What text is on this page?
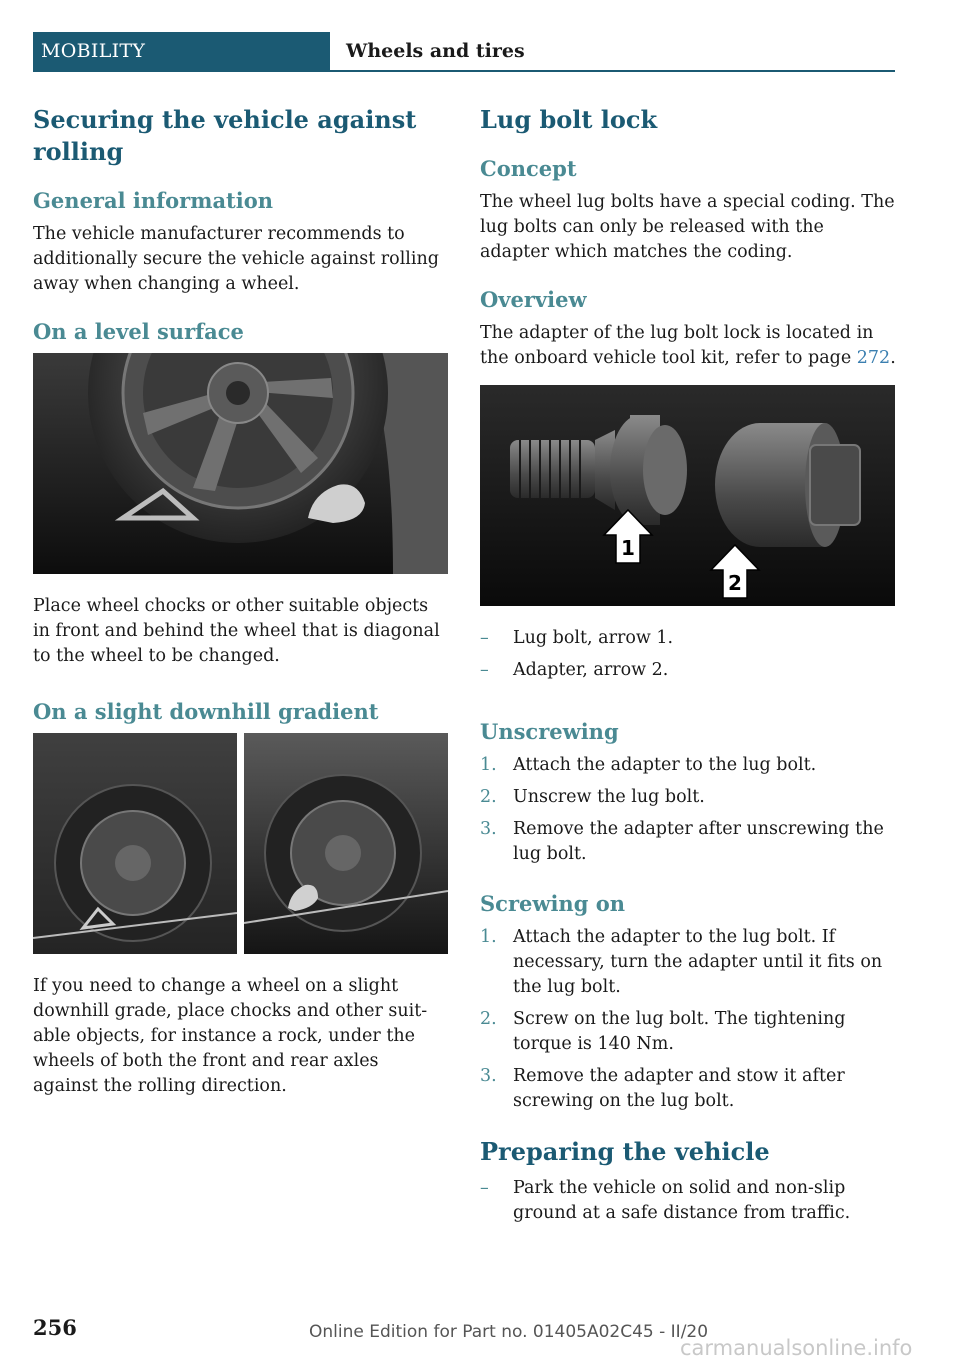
MOBILITY	Wheels and tires
Securing the vehicle against rolling
General information

The vehicle manufacturer recommends to additionally secure the vehicle against rolling away when changing a wheel.

On a level surface

Place wheel chocks or other suitable objects in front and behind the wheel that is diagonal to the wheel to be changed.

On a slight downhill gradient

If you need to change a wheel on a slight downhill grade, place chocks and other suitable objects, for instance a rock, under the wheels of both the front and rear axles against the rolling direction.

Lug bolt lock
Concept

The wheel lug bolts have a special coding. The lug bolts can only be released with the adapter which matches the coding.

Overview

The adapter of the lug bolt lock is located in the onboard vehicle tool kit, refer to page 272.

1
2
– Lug bolt, arrow 1.
– Adapter, arrow 2.
Unscrewing
1. Attach the adapter to the lug bolt.
2. Unscrew the lug bolt.
3. Remove the adapter after unscrewing the lug bolt.
Screwing on
1. Attach the adapter to the lug bolt. If necessary, turn the adapter until it fits on the lug bolt.
2. Screw on the lug bolt. The tightening torque is 140 Nm.
3. Remove the adapter and stow it after screwing on the lug bolt.
Preparing the vehicle
– Park the vehicle on solid and non-slip ground at a safe distance from traffic.
256	Online Edition for Part no. 01405A02C45 - II/20
carmanualsonline.info
